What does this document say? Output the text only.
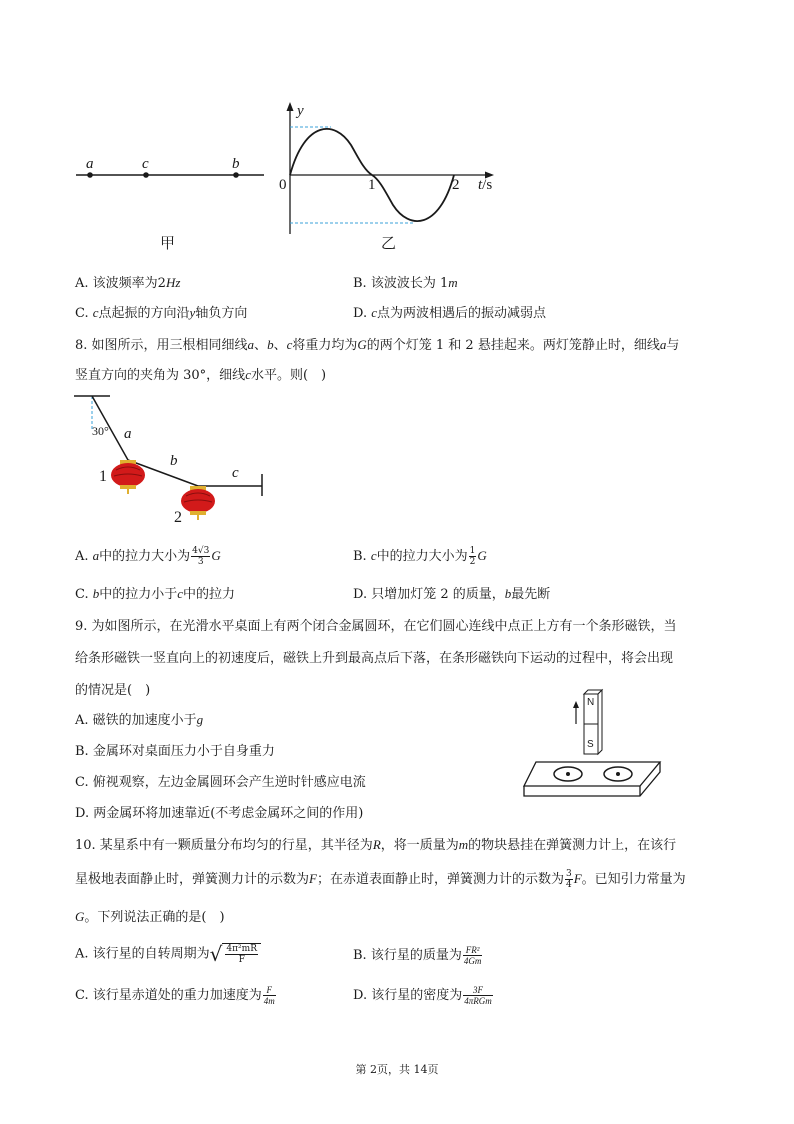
a	c	b
甲
y
0	1	2 t/s
乙
A. 该波频率为2Hz	B. 该波波长为 1m
C. c点起振的方向沿y轴负方向	D. c点为两波相遇后的振动减弱点
8. 如图所示，用三根相同细线a、b、c将重力均为G的两个灯笼 1 和 2 悬挂起来。两灯笼静止时，细线a与
竖直方向的夹角为 30°，细线c水平。则(　)
30° a
b
c
1
2
A. a中的拉力大小为 $\frac{4√3}{3}$ G	B. c中的拉力大小为 $\frac{1}{2}$ G
C. b中的拉力小于c中的拉力	D. 只增加灯笼 2 的质量，b最先断
9. 为如图所示，在光滑水平桌面上有两个闭合金属圆环，在它们圆心连线中点正上方有一个条形磁铁，当
给条形磁铁一竖直向上的初速度后，磁铁上升到最高点后下落，在条形磁铁向下运动的过程中，将会出现
的情况是(　)
A. 磁铁的加速度小于g
B. 金属环对桌面压力小于自身重力
C. 俯视观察，左边金属圆环会产生逆时针感应电流
D. 两金属环将加速靠近(不考虑金属环之间的作用)
N
S
10. 某星系中有一颗质量分布均匀的行星，其半径为R，将一质量为m的物块悬挂在弹簧测力计上，在该行
星极地表面静止时，弹簧测力计的示数为F；在赤道表面静止时，弹簧测力计的示数为 $\frac{3}{4}$ F。已知引力常量为
G。下列说法正确的是(　)
A. 该行星的自转周期为√ $\frac{\text{4π²mR}}{F}$	B. 该行星的质量为 $\frac{\text{FR²}}{4Gm}$
C. 该行星赤道处的重力加速度为 $\frac{F}{4m}$	D. 该行星的密度为 $\frac{3F}{\text{4πRGm}}$
第 2页，共 14页
